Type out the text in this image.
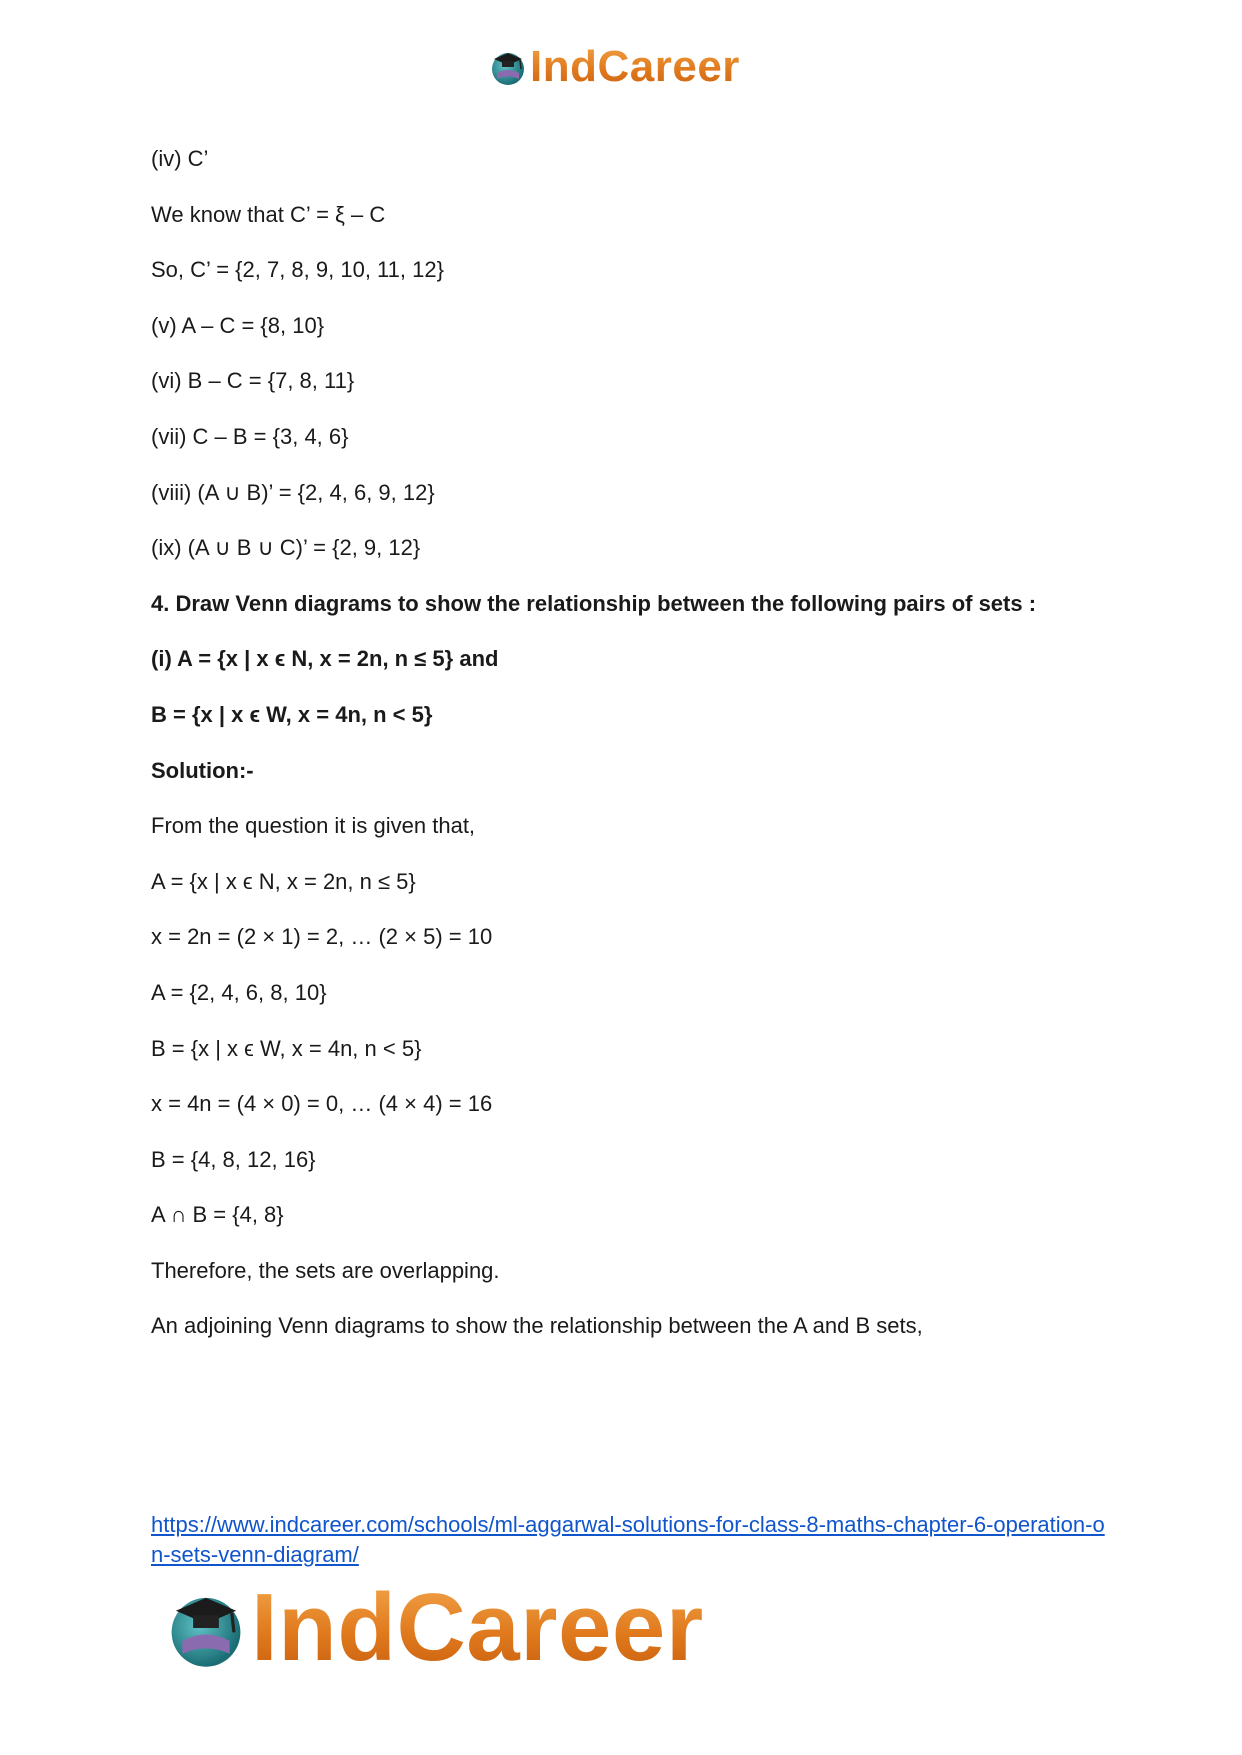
IndCareer
(iv) C’
We know that C’ = ξ – C
So, C’ = {2, 7, 8, 9, 10, 11, 12}
(v) A – C = {8, 10}
(vi) B – C = {7, 8, 11}
(vii) C – B = {3, 4, 6}
(viii) (A ∪ B)’ = {2, 4, 6, 9, 12}
(ix) (A ∪ B ∪ C)’ = {2, 9, 12}
4. Draw Venn diagrams to show the relationship between the following pairs of sets :
(i) A = {x | x ϵ N, x = 2n, n ≤ 5} and
B = {x | x ϵ W, x = 4n, n < 5}
Solution:-
From the question it is given that,
A = {x | x ϵ N, x = 2n, n ≤ 5}
x = 2n = (2 × 1) = 2, … (2 × 5) = 10
A = {2, 4, 6, 8, 10}
B = {x | x ϵ W, x = 4n, n < 5}
x = 4n = (4 × 0) = 0, … (4 × 4) = 16
B = {4, 8, 12, 16}
A ∩ B = {4, 8}
Therefore, the sets are overlapping.
An adjoining Venn diagrams to show the relationship between the A and B sets,
https://www.indcareer.com/schools/ml-aggarwal-solutions-for-class-8-maths-chapter-6-operation-on-sets-venn-diagram/
IndCareer
